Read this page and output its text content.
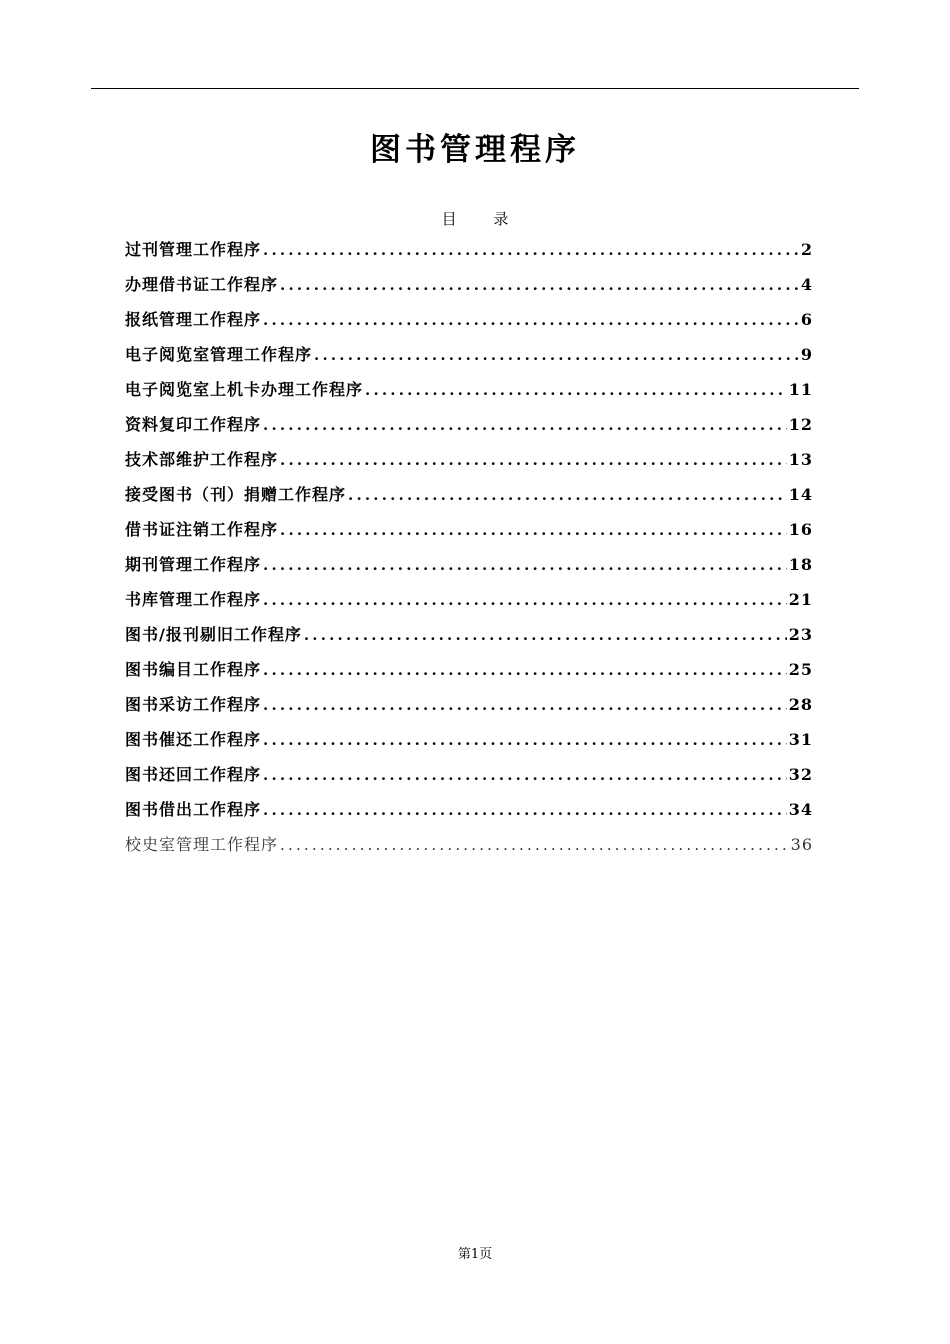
图书管理程序
目 录
过刊管理工作程序 .....	2
办理借书证工作程序 .....	4
报纸管理工作程序 .....	6
电子阅览室管理工作程序 .....	9
电子阅览室上机卡办理工作程序 .....	11
资料复印工作程序 .....	12
技术部维护工作程序 .....	13
接受图书（刊）捐赠工作程序 .....	14
借书证注销工作程序 .....	16
期刊管理工作程序 .....	18
书库管理工作程序 .....	21
图书/报刊剔旧工作程序 .....	23
图书编目工作程序 .....	25
图书采访工作程序 .....	28
图书催还工作程序 .....	31
图书还回工作程序 .....	32
图书借出工作程序 .....	34
校史室管理工作程序 .....	36
第1页
